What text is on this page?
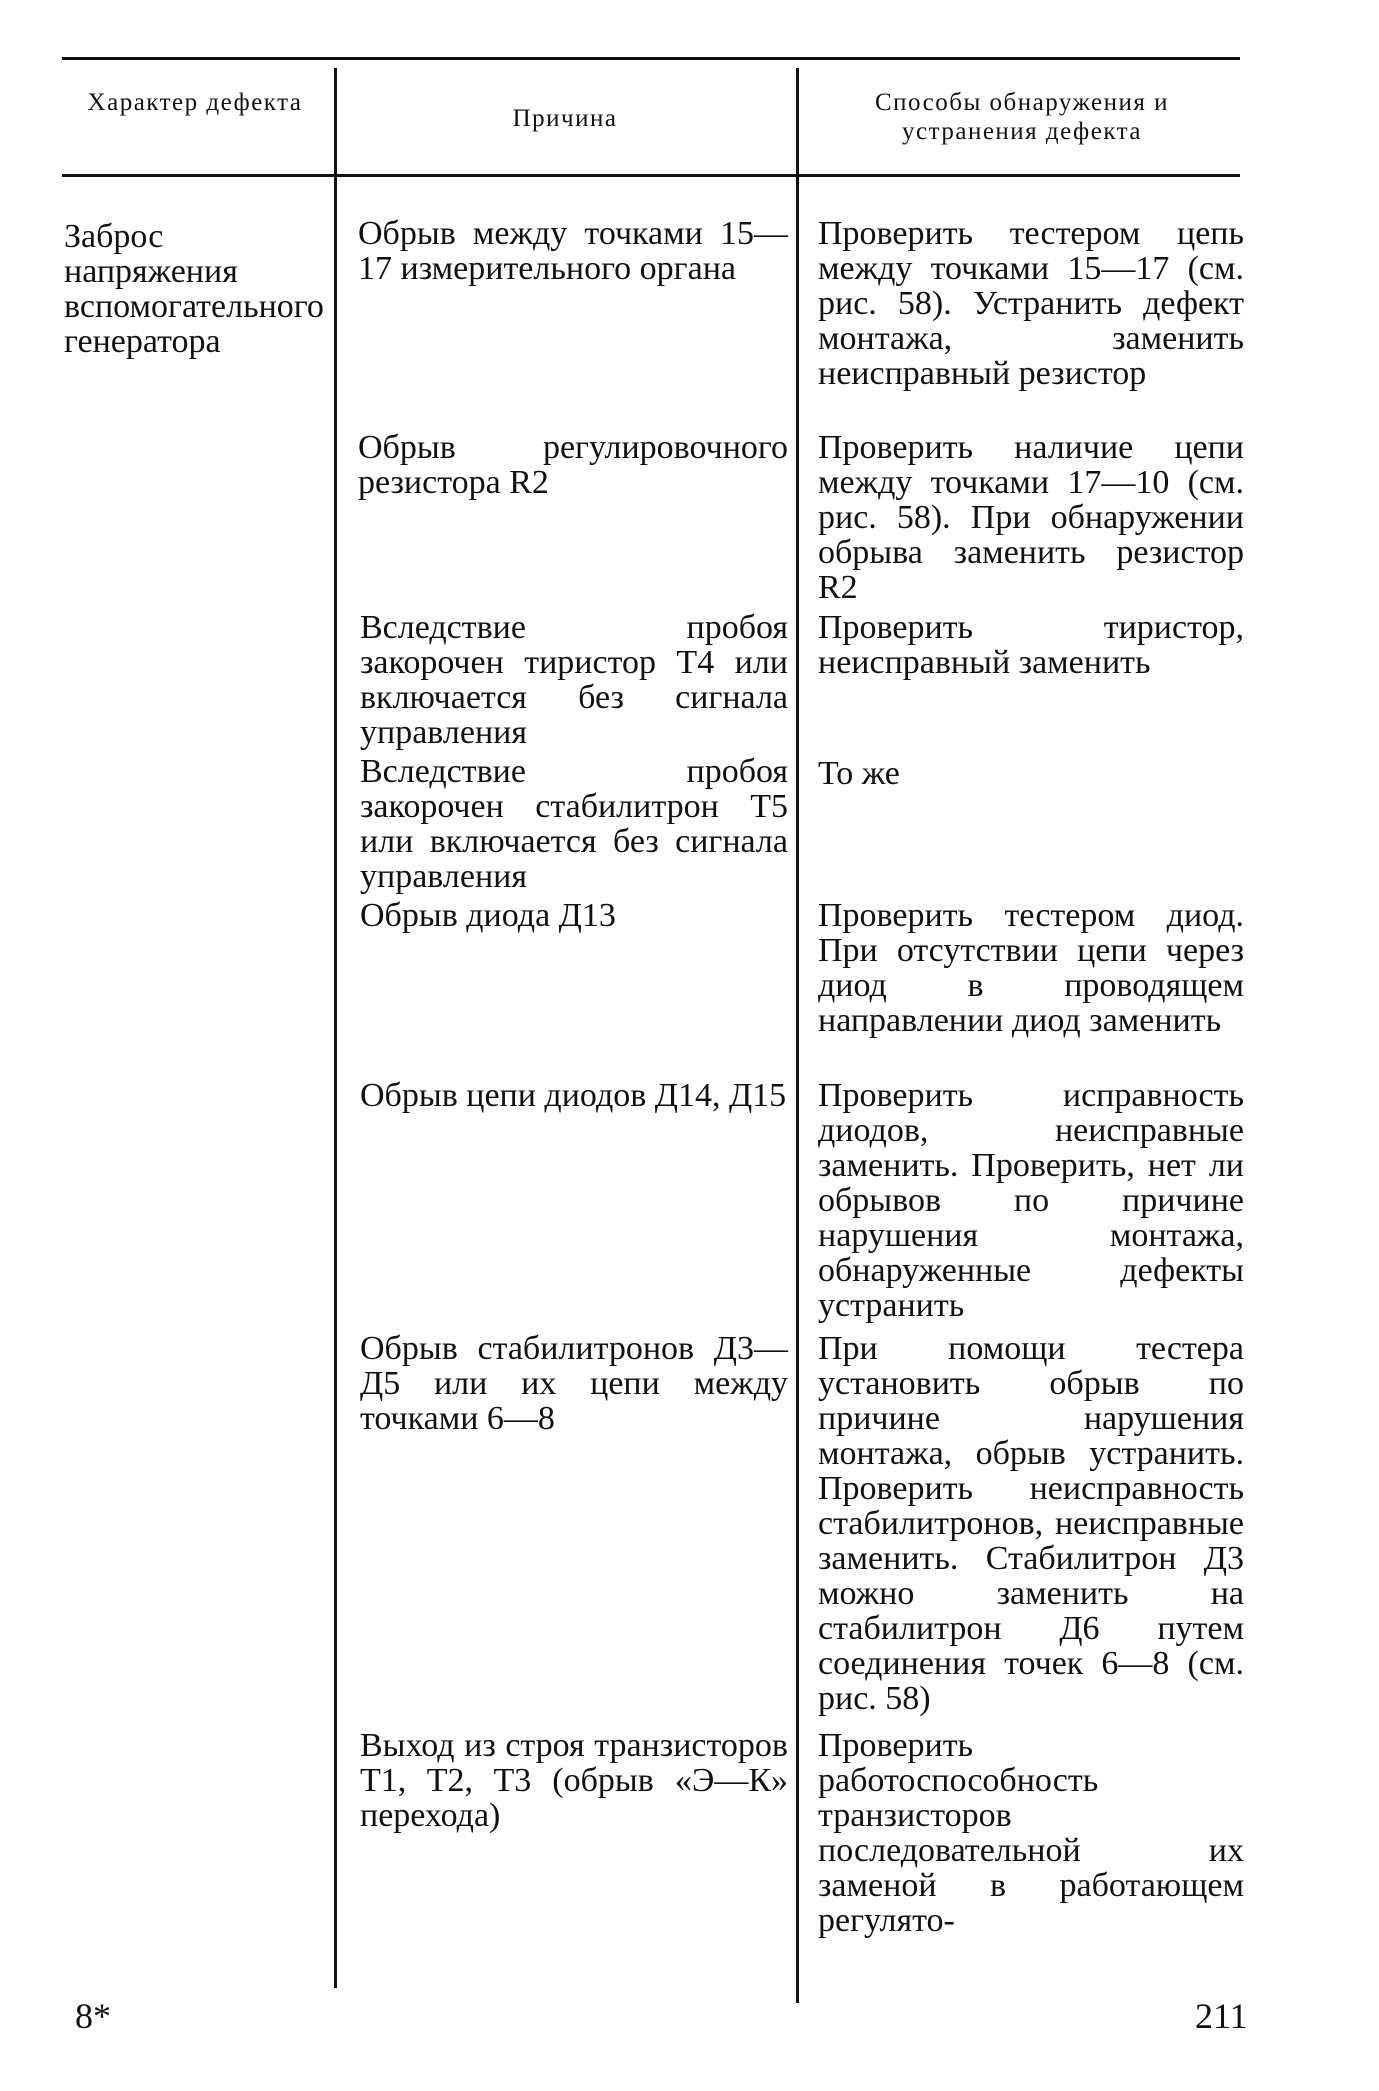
Характер дефекта
Причина
Способы обнаружения и устранения дефекта
Заброс напряжения вспомогательного генератора
Обрыв между точками 15—17 измерительного органа
Обрыв регулировочного резистора R2
Вследствие пробоя закорочен тиристор T4 или включается без сигнала управления
Вследствие пробоя закорочен стабилитрон T5 или включается без сигнала управления
Обрыв диода Д13
Обрыв цепи диодов Д14, Д15
Обрыв стабилитронов Д3—Д5 или их цепи между точками 6—8
Выход из строя транзисторов T1, T2, T3 (обрыв «Э—К» перехода)
Проверить тестером цепь между точками 15—17 (см. рис. 58). Устранить дефект монтажа, заменить неисправный резистор
Проверить наличие цепи между точками 17—10 (см. рис. 58). При обнаружении обрыва заменить резистор R2
Проверить тиристор, неисправный заменить
То же
Проверить тестером диод. При отсутствии цепи через диод в проводящем направлении диод заменить
Проверить исправность диодов, неисправные заменить. Проверить, нет ли обрывов по причине нарушения монтажа, обнаруженные дефекты устранить
При помощи тестера установить обрыв по причине нарушения монтажа, обрыв устранить. Проверить неисправность стабилитронов, неисправные заменить. Стабилитрон Д3 можно заменить на стабилитрон Д6 путем соединения точек 6—8 (см. рис. 58)
Проверить работоспособность транзисторов последовательной их заменой в работающем регулято-
8*	211
